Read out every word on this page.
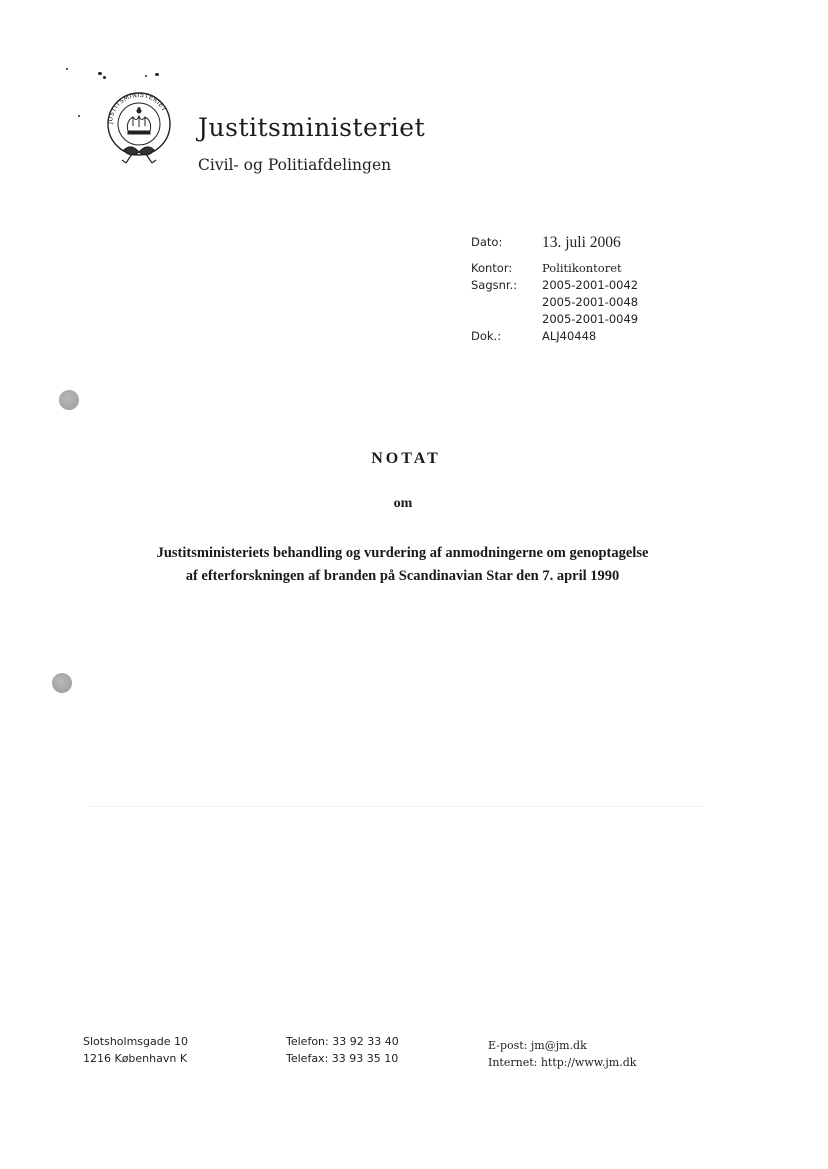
JUSTITSMINISTERIET
Justitsministeriet
Civil- og Politiafdelingen
Dato:	13. juli 2006
Kontor:	Politikontoret
Sagsnr.: 2005-2001-0042
2005-2001-0048
2005-2001-0049
Dok.:	ALJ40448
NOTAT
om
Justitsministeriets behandling og vurdering af anmodningerne om genoptagelse
af efterforskningen af branden på Scandinavian Star den 7. april 1990
Slotsholmsgade 10
1216 København K
Telefon: 33 92 33 40
Telefax: 33 93 35 10
E-post: jm@jm.dk
Internet: http://www.jm.dk
